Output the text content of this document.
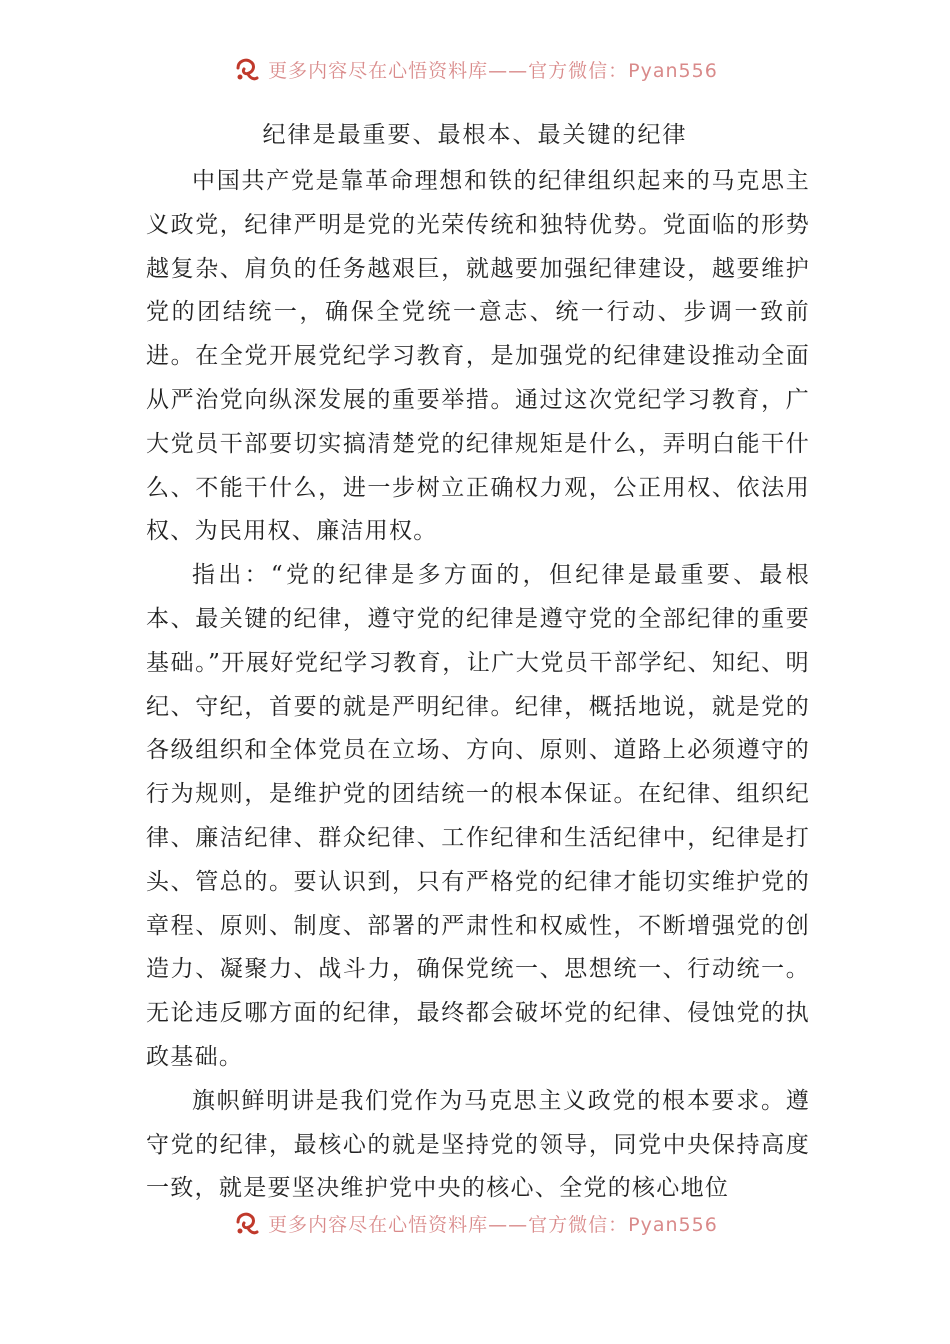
更多内容尽在心悟资料库——官方微信：Pyan556
纪律是最重要、最根本、最关键的纪律

中国共产党是靠革命理想和铁的纪律组织起来的马克思主义政党，纪律严明是党的光荣传统和独特优势。党面临的形势越复杂、肩负的任务越艰巨，就越要加强纪律建设，越要维护党的团结统一，确保全党统一意志、统一行动、步调一致前进。在全党开展党纪学习教育，是加强党的纪律建设推动全面从严治党向纵深发展的重要举措。通过这次党纪学习教育，广大党员干部要切实搞清楚党的纪律规矩是什么，弄明白能干什么、不能干什么，进一步树立正确权力观，公正用权、依法用权、为民用权、廉洁用权。

指出：“党的纪律是多方面的，但纪律是最重要、最根本、最关键的纪律，遵守党的纪律是遵守党的全部纪律的重要基础。”开展好党纪学习教育，让广大党员干部学纪、知纪、明纪、守纪，首要的就是严明纪律。纪律，概括地说，就是党的各级组织和全体党员在立场、方向、原则、道路上必须遵守的行为规则，是维护党的团结统一的根本保证。在纪律、组织纪律、廉洁纪律、群众纪律、工作纪律和生活纪律中，纪律是打头、管总的。要认识到，只有严格党的纪律才能切实维护党的章程、原则、制度、部署的严肃性和权威性，不断增强党的创造力、凝聚力、战斗力，确保党统一、思想统一、行动统一。无论违反哪方面的纪律，最终都会破坏党的纪律、侵蚀党的执政基础。

旗帜鲜明讲是我们党作为马克思主义政党的根本要求。遵守党的纪律，最核心的就是坚持党的领导，同党中央保持高度一致，就是要坚决维护党中央的核心、全党的核心地位

更多内容尽在心悟资料库——官方微信：Pyan556
